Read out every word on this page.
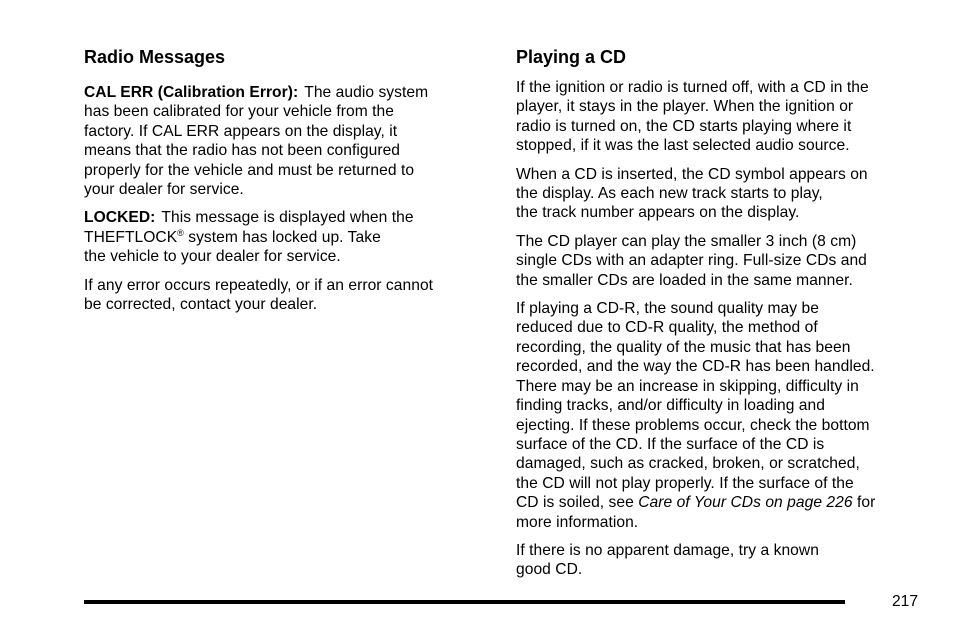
Radio Messages

CAL ERR (Calibration Error): The audio system
has been calibrated for your vehicle from the
factory. If CAL ERR appears on the display, it
means that the radio has not been configured
properly for the vehicle and must be returned to
your dealer for service.

LOCKED: This message is displayed when the
THEFTLOCK® system has locked up. Take
the vehicle to your dealer for service.

If any error occurs repeatedly, or if an error cannot
be corrected, contact your dealer.

Playing a CD

If the ignition or radio is turned off, with a CD in the
player, it stays in the player. When the ignition or
radio is turned on, the CD starts playing where it
stopped, if it was the last selected audio source.

When a CD is inserted, the CD symbol appears on
the display. As each new track starts to play,
the track number appears on the display.

The CD player can play the smaller 3 inch (8 cm)
single CDs with an adapter ring. Full-size CDs and
the smaller CDs are loaded in the same manner.

If playing a CD-R, the sound quality may be
reduced due to CD-R quality, the method of
recording, the quality of the music that has been
recorded, and the way the CD-R has been handled.
There may be an increase in skipping, difficulty in
finding tracks, and/or difficulty in loading and
ejecting. If these problems occur, check the bottom
surface of the CD. If the surface of the CD is
damaged, such as cracked, broken, or scratched,
the CD will not play properly. If the surface of the
CD is soiled, see Care of Your CDs on page 226 for
more information.

If there is no apparent damage, try a known
good CD.

217
